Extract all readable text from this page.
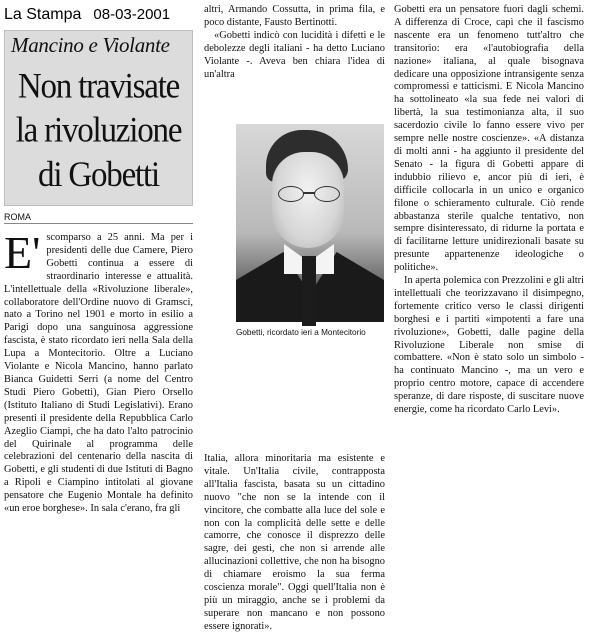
La Stampa 08-03-2001
Mancino e Violante
Non travisate
la rivoluzione
di Gobetti
ROMA
E' scomparso a 25 anni. Ma per i presidenti delle due Camere, Piero Gobetti continua a essere di straordinario interesse e attualità. L'intellettuale della «Rivoluzione liberale», collaboratore dell'Ordine nuovo di Gramsci, nato a Torino nel 1901 e morto in esilio a Parigi dopo una sanguinosa aggressione fascista, è stato ricordato ieri nella Sala della Lupa a Montecitorio. Oltre a Luciano Violante e Nicola Mancino, hanno parlato Bianca Guidetti Serri (a nome del Centro Studi Piero Gobetti), Gian Piero Orsello (Istituto Italiano di Studi Legislativi). Erano presenti il presidente della Repubblica Carlo Azeglio Ciampi, che ha dato l'alto patrocinio del Quirinale al programma delle celebrazioni del centenario della nascita di Gobetti, e gli studenti di due Istituti di Bagno a Ripoli e Ciampino intitolati al giovane pensatore che Eugenio Montale ha definito «un eroe borghese». In sala c'erano, fra gli

altri, Armando Cossutta, in prima fila, e poco distante, Fausto Bertinotti.

«Gobetti indicò con lucidità i difetti e le debolezze degli italiani - ha detto Luciano Violante -. Aveva ben chiara l'idea di un'altra

Gobetti, ricordato ieri a Montecitorio

Italia, allora minoritaria ma esistente e vitale. Un'Italia civile, contrapposta all'Italia fascista, basata su un cittadino nuovo "che non se la intende con il vincitore, che combatte alla luce del sole e non con la complicità delle sette e delle camorre, che conosce il disprezzo delle sagre, dei gesti, che non si arrende alle allucinazioni collettive, che non ha bisogno di chiamare eroismo la sua ferma coscienza morale". Oggi quell'Italia non è più un miraggio, anche se i problemi da superare non mancano e non possono essere ignorati».

Gobetti era un pensatore fuori dagli schemi. A differenza di Croce, capì che il fascismo nascente era un fenomeno tutt'altro che transitorio: era «l'autobiografia della nazione» italiana, al quale bisognava dedicare una opposizione intransigente senza compromessi e tatticismi. E Nicola Mancino ha sottolineato «la sua fede nei valori di libertà, la sua testimonianza alta, il suo sacerdozio civile lo fanno essere vivo per sempre nelle nostre coscienze». «A distanza di molti anni - ha aggiunto il presidente del Senato - la figura di Gobetti appare di indubbio rilievo e, ancor più di ieri, è difficile collocarla in un unico e organico filone o schieramento culturale. Ciò rende abbastanza sterile qualche tentativo, non sempre disinteressato, di ridurne la portata e di facilitarne letture unidirezionali basate su presunte appartenenze ideologiche o politiche».

In aperta polemica con Prezzolini e gli altri intellettuali che teorizzavano il disimpegno, fortemente critico verso le classi dirigenti borghesi e i partiti «impotenti a fare una rivoluzione», Gobetti, dalle pagine della Rivoluzione Liberale non smise di combattere. «Non è stato solo un simbolo - ha continuato Mancino -, ma un vero e proprio centro motore, capace di accendere speranze, di dare risposte, di suscitare nuove energie, come ha ricordato Carlo Levi».
